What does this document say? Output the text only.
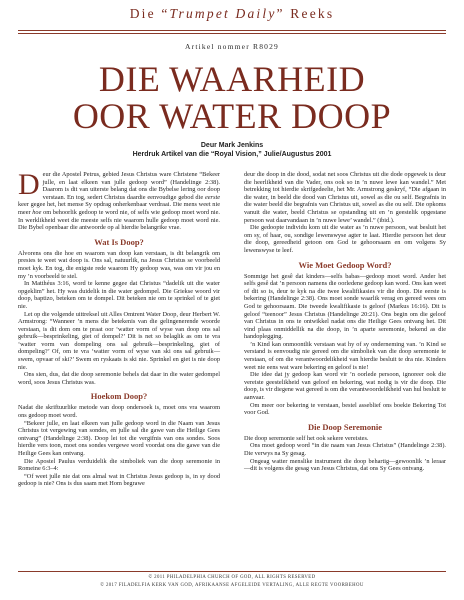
Die “Trumpet Daily” Reeks
Artikel nommer R8029
DIE WAARHEID
OOR WATER DOOP
Deur Mark Jenkins
Herdruk Artikel van die “Royal Vision,” Julie/Augustus 2001

Deur die Apostel Petrus, gebied Jesus Christus ware Christene “Bekeer julle, en laat elkeen van julle gedoop word” (Handelinge 2:38). Daarom is dit van uiterste belang dat ons die Bybelse lering oor doop verstaan. En tog, sedert Christus daardie eenvoudige gebod die eerste keer gegee het, het mense Sy opdrag onherkenbaar verdraai. Die mens weet nie meer hoe om behoorlik gedoop te word nie, of selfs wie gedoop moet word nie. In werklikheid weet die meeste selfs nie waarom hulle gedoop moet word nie. Die Bybel openbaar die antwoorde op al hierdie belangrike vrae.

Wat Is Doop?

Alvorens ons die hoe en waarom van doop kan verstaan, is dit belangrik om presies te weet wat doop is. Ons sal, natuurlik, na Jesus Christus se voorbeeld moet kyk. En tog, die enigste rede waarom Hy gedoop was, was om vir jou en my ’n voorbeeld te stel.

In Matthéus 3:16, word te kenne gegee dat Christus “dadelik uit die water opgeklim” het. Hy was duidelik in die water gedompel. Die Griekse woord vir doop, baptizo, beteken om te dompel. Dit beteken nie om te sprinkel of te giet nie.

Let op die volgende uittreksel uit Alles Omtrent Water Doop, deur Herbert W. Armstrong: “Wanneer ’n mens die betekenis van die gelingenerende woorde verstaan, is dit dom om te praat oor ‘watter vorm of wyse van doop ons sal gebruik—besprinkeling, giet of dompel?’ Dit is net so belaglik as om te vra ‘watter vorm van dompeling ons sal gebruik—besprinkeling, giet of dompeling?’ Of, om te vra ‘watter vorm of wyse van ski ons sal gebruik—swem, opvaar of ski?’ Swem en ryskaats is ski nie. Sprinkel en giet is nie doop nie.

Ons sien, dus, dat die doop seremonie behels dat daar in die water gedompel word, soos Jesus Christus was.

Hoekom Doop?

Nadat die skriftuurlike metode van doop ondersoek is, moet ons vra waarom ons gedoop moet word.

“Bekeer julle, en laat elkeen van julle gedoop word in die Naam van Jesus Christus tot vergewing van sondes, en julle sal die gawe van die Heilige Gees ontvang” (Handelinge 2:38). Doop lei tot die vergifnis van ons sondes. Soos hierdie vers toon, moet ons sondes vergewe word voordat ons die gawe van die Heilige Gees kan ontvang.

Die Apostel Paulus verduidelik die simboliek van die doop seremonie in Romeine 6:3–4:

“Of weet julle nie dat ons almal wat in Christus Jesus gedoop is, in sy dood gedoop is nie? Ons is dus saam met Hom begrawe

deur die doop in die dood, sodat net soos Christus uit die dode opgewek is deur die heerlikheid van die Vader, ons ook so in ’n nuwe lewe kan wandel.” Met betrekking tot hierdie skrifgedeelte, het Mr. Armstrong geskryf, “Die afgaan in die water, in beeld die dood van Christus uit, sowel as die ou self. Begrafnis in die water beeld die begrafnis van Christus uit, sowel as die ou self. Die opkoms vanuit die water, beeld Christus se opstanding uit en ’n geestelik opgestane persoon wat daarvandaan in ’n nuwe lewe’ wandel.” (ibid.).

Die gedoopte individu kom uit die water as ’n nuwe persoon, wat besluit het om sy, of haar, ou, sondige lewenswyse agter te laat. Hierdie persoon het deur die doop, gereedheid getoon om God te gehoorsaam en om volgens Sy lewenswyse te leef.

Wie Moet Gedoop Word?

Sommige het gesê dat kinders—selfs babas—gedoop moet word. Ander het selfs gesê dat ’n persoon namens die oorledene gedoop kan word. Ons kan weet of dit so is, deur te kyk na die twee kwalifikasies vir die doop. Die eerste is bekering (Handelinge 2:38). Ons moet sonde waarlik verag en gereed wees om God te gehoorsaam. Die tweede kwalifikasie is geloof (Markus 16:16). Dit is geloof “teenoor” Jesus Christus (Handelinge 20:21). Ons begin om die geloof van Christus in ons te ontwikkel nadat ons die Heilige Gees ontvang het. Dit vind plaas onmiddellik na die doop, in ’n aparte seremonie, bekend as die handoplegging.

’n Kind kan onmoontlik verstaan wat hy of sy onderneming van. ’n Kind se verstand is eenvoudig nie gereed om die simboliek van die doop seremonie te verstaan, of om die verantwoordelikheid van hierdie besluit te dra nie. Kinders weet nie eens wat ware bekering en geloof is nie!

Die idee dat jy gedoop kan word vir ’n oorlede persoon, ignoreer ook die vereiste geestelikheid van geloof en bekering, wat nodig is vir die doop. Die doop, is vir diegene wat gereed is om die verantwoordelikheid van hul besluit te aanvaar.

Om meer oor bekering te verstaan, bestel asseblief ons boekie Bekering Tot voor God.

Die Doop Seremonie

Die doop seremonie self het ook sekere vereistes.

Ons moet gedoop word “in die naam van Jesus Christus” (Handelinge 2:38). Die verwys na Sy gesag.

Ongeag watter menslike instrument die doop behartig—gewoonlik ’n leraar—dit is volgens die gesag van Jesus Christus, dat ons Sy Gees ontvang.

© 2011 PHILADELPHIA CHURCH OF GOD, ALL RIGHTS RESERVED
© 2017 FILADELFIA KERK VAN GOD, AFRIKAANSE AFGELEIDE VERTALING, ALLE REGTE VOORBEHOU
